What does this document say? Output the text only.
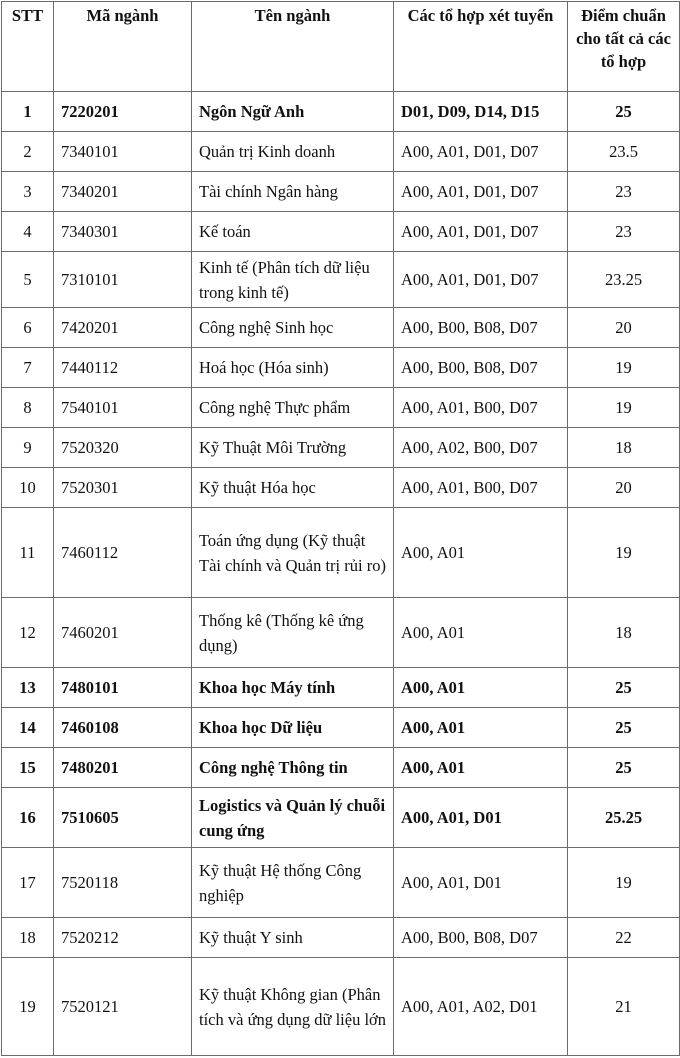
STT	Mã ngành	Tên ngành	Các tổ hợp xét tuyển	Điểm chuẩn cho tất cả các tổ hợp
1	7220201	Ngôn Ngữ Anh	D01, D09, D14, D15	25
2	7340101	Quản trị Kinh doanh	A00, A01, D01, D07	23.5
3	7340201	Tài chính Ngân hàng	A00, A01, D01, D07	23
4	7340301	Kế toán	A00, A01, D01, D07	23
5	7310101	Kinh tế (Phân tích dữ liệu trong kinh tế)	A00, A01, D01, D07	23.25
6	7420201	Công nghệ Sinh học	A00, B00, B08, D07	20
7	7440112	Hoá học (Hóa sinh)	A00, B00, B08, D07	19
8	7540101	Công nghệ Thực phẩm	A00, A01, B00, D07	19
9	7520320	Kỹ Thuật Môi Trường	A00, A02, B00, D07	18
10	7520301	Kỹ thuật Hóa học	A00, A01, B00, D07	20
11	7460112	Toán ứng dụng (Kỹ thuật Tài chính và Quản trị rủi ro)	A00, A01	19
12	7460201	Thống kê (Thống kê ứng dụng)	A00, A01	18
13	7480101	Khoa học Máy tính	A00, A01	25
14	7460108	Khoa học Dữ liệu	A00, A01	25
15	7480201	Công nghệ Thông tin	A00, A01	25
16	7510605	Logistics và Quản lý chuỗi cung ứng	A00, A01, D01	25.25
17	7520118	Kỹ thuật Hệ thống Công nghiệp	A00, A01, D01	19
18	7520212	Kỹ thuật Y sinh	A00, B00, B08, D07	22
19	7520121	Kỹ thuật Không gian (Phân tích và ứng dụng dữ liệu lớn	A00, A01, A02, D01	21
